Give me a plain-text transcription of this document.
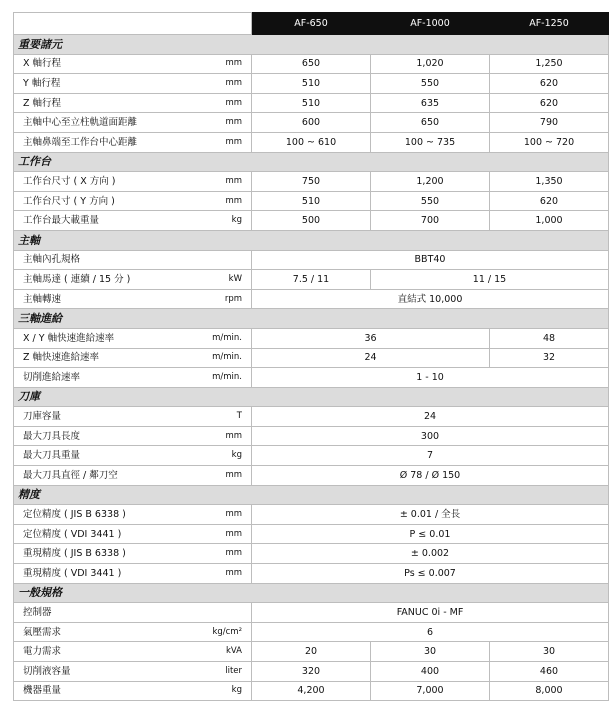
		AF-650	AF-1000	AF-1250
重要諸元				
X 軸行程	mm	650	1,020	1,250
Y 軸行程	mm	510	550	620
Z 軸行程	mm	510	635	620
主軸中心至立柱軌道面距離	mm	600	650	790
主軸鼻端至工作台中心距離	mm	100 ~ 610	100 ~ 735	100 ~ 720
工作台				
工作台尺寸 ( X 方向 )	mm	750	1,200	1,350
工作台尺寸 ( Y 方向 )	mm	510	550	620
工作台最大載重量	kg	500	700	1,000
主軸				
主軸內孔規格		BBT40		
主軸馬達 ( 連續 / 15 分 )	kW	7.5 / 11	11 / 15	
主軸轉速	rpm	直結式 10,000		
三軸進給				
X / Y 軸快速進給速率	m/min.	36		48
Z 軸快速進給速率	m/min.	24		32
切削進給速率	m/min.	1 - 10		
刀庫				
刀庫容量	T	24		
最大刀具長度	mm	300		
最大刀具重量	kg	7		
最大刀具直徑 / 鄰刀空	mm	Ø 78 / Ø 150		
精度				
定位精度 ( JIS B 6338 )	mm	± 0.01 / 全長		
定位精度 ( VDI 3441 )	mm	P ≤ 0.01		
重現精度 ( JIS B 6338 )	mm	± 0.002		
重現精度 ( VDI 3441 )	mm	Ps ≤ 0.007		
一般規格				
控制器		FANUC 0i - MF		
氣壓需求	kg/cm²	6		
電力需求	kVA	20	30	30
切削液容量	liter	320	400	460
機器重量	kg	4,200	7,000	8,000
